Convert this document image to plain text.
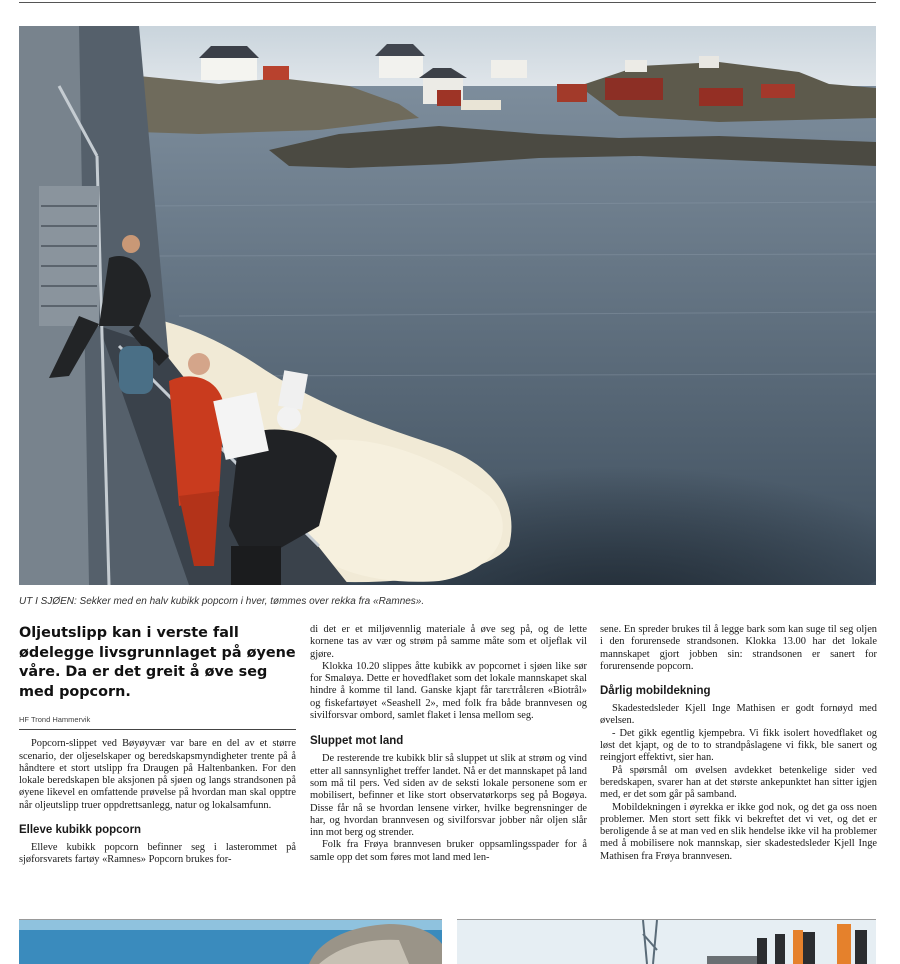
UT I SJØEN: Sekker med en halv kubikk popcorn i hver, tømmes over rekka fra «Ramnes».
Oljeutslipp kan i verste fall ødelegge livsgrunnlaget på øyene våre. Da er det greit å øve seg med popcorn.
HF Trond Hammervik

Popcorn-slippet ved Bøyøyvær var bare en del av et større scenario, der oljeselskaper og beredskapsmyndigheter trente på å håndtere et stort utslipp fra Draugen på Haltenbanken. For den lokale beredskapen ble aksjonen på sjøen og langs strandsonen på øyene likevel en omfattende prøvelse på hvordan man skal opptre når oljeutslipp truer oppdrettsanlegg, natur og lokalsamfunn.

Elleve kubikk popcorn

Elleve kubikk popcorn befinner seg i lasterommet på sjøforsvarets fartøy «Ramnes» Popcorn brukes for-

di det er et miljøvennlig materiale å øve seg på, og de lette kornene tas av vær og strøm på samme måte som et oljeflak vil gjøre.

Klokka 10.20 slippes åtte kubikk av popcornet i sjøen like sør for Smaløya. Dette er hovedflaket som det lokale mannskapet skal hindre å komme til land. Ganske kjapt får tarετrålεren «Biotrål» og fiskefartøyet «Seashell 2», med folk fra både brannvesen og sivilforsvar ombord, samlet flaket i lensa mellom seg.

Sluppet mot land

De resterende tre kubikk blir så sluppet ut slik at strøm og vind etter all sannsynlighet treffer landet. Nå er det mannskapet på land som må til pers. Ved siden av de seksti lokale personene som er mobilisert, befinner et like stort observatørkorps seg på Bogøya. Disse får nå se hvordan lensene virker, hvilke begrensninger de har, og hvordan brannvesen og sivilforsvar jobber når oljen slår inn mot berg og strender.

Folk fra Frøya brannvesen bruker oppsamlingsspader for å samle opp det som føres mot land med len-

sene. En spreder brukes til å legge bark som kan suge til seg oljen i den forurensede strandsonen. Klokka 13.00 har det lokale mannskapet gjort jobben sin: strandsonen er sanert for forurensende popcorn.

Dårlig mobildekning

Skadestedsleder Kjell Inge Mathisen er godt fornøyd med øvelsen.

- Det gikk egentlig kjempebra. Vi fikk isolert hovedflaket og løst det kjapt, og de to to strandpåslagene vi fikk, ble sanert og reingjort effektivt, sier han.

På spørsmål om øvelsen avdekket betenkelige sider ved beredskapen, svarer han at det største ankepunktet han sitter igjen med, er det som går på samband.

Mobildekningen i øyrekka er ikke god nok, og det ga oss noen problemer. Men stort sett fikk vi bekreftet det vi vet, og det er beroligende å se at man ved en slik hendelse ikke vil ha problemer med å mobilisere nok mannskap, sier skadestedsleder Kjell Inge Mathisen fra Frøya brannvesen.
